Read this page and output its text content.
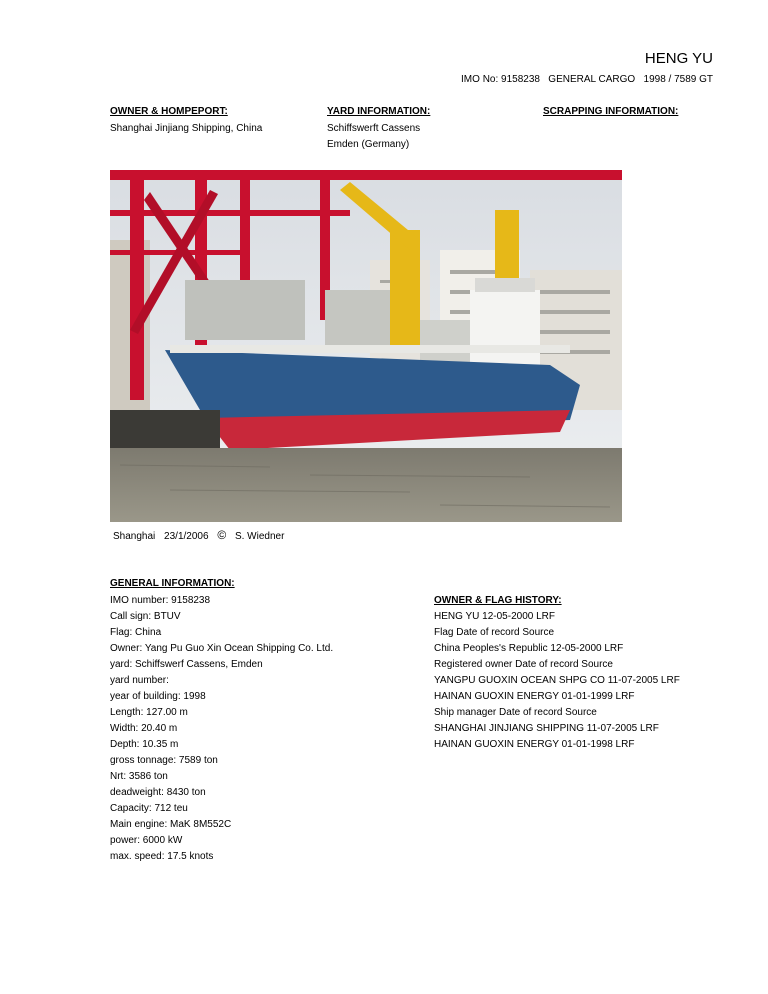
HENG YU
IMO No: 9158238   GENERAL CARGO   1998 / 7589 GT
OWNER & HOMPEPORT:
Shanghai Jinjiang Shipping, China
YARD INFORMATION:
Schiffswerft Cassens
Emden (Germany)
SCRAPPING INFORMATION:
Shanghai 23/1/2006 © S. Wiedner
GENERAL INFORMATION:
IMO number: 9158238
Call sign: BTUV
Flag: China
Owner: Yang Pu Guo Xin Ocean Shipping Co. Ltd.
yard: Schiffswerf Cassens, Emden
yard number:
year of building: 1998
Length: 127.00 m
Width: 20.40 m
Depth: 10.35 m
gross tonnage: 7589 ton
Nrt: 3586 ton
deadweight: 8430 ton
Capacity: 712 teu
Main engine: MaK 8M552C
power: 6000 kW
max. speed: 17.5 knots
OWNER & FLAG HISTORY:
HENG YU 12-05-2000 LRF
Flag Date of record Source
China Peoples's Republic 12-05-2000 LRF
Registered owner Date of record Source
YANGPU GUOXIN OCEAN SHPG CO 11-07-2005 LRF
HAINAN GUOXIN ENERGY 01-01-1999 LRF
Ship manager Date of record Source
SHANGHAI JINJIANG SHIPPING 11-07-2005 LRF
HAINAN GUOXIN ENERGY 01-01-1998 LRF
